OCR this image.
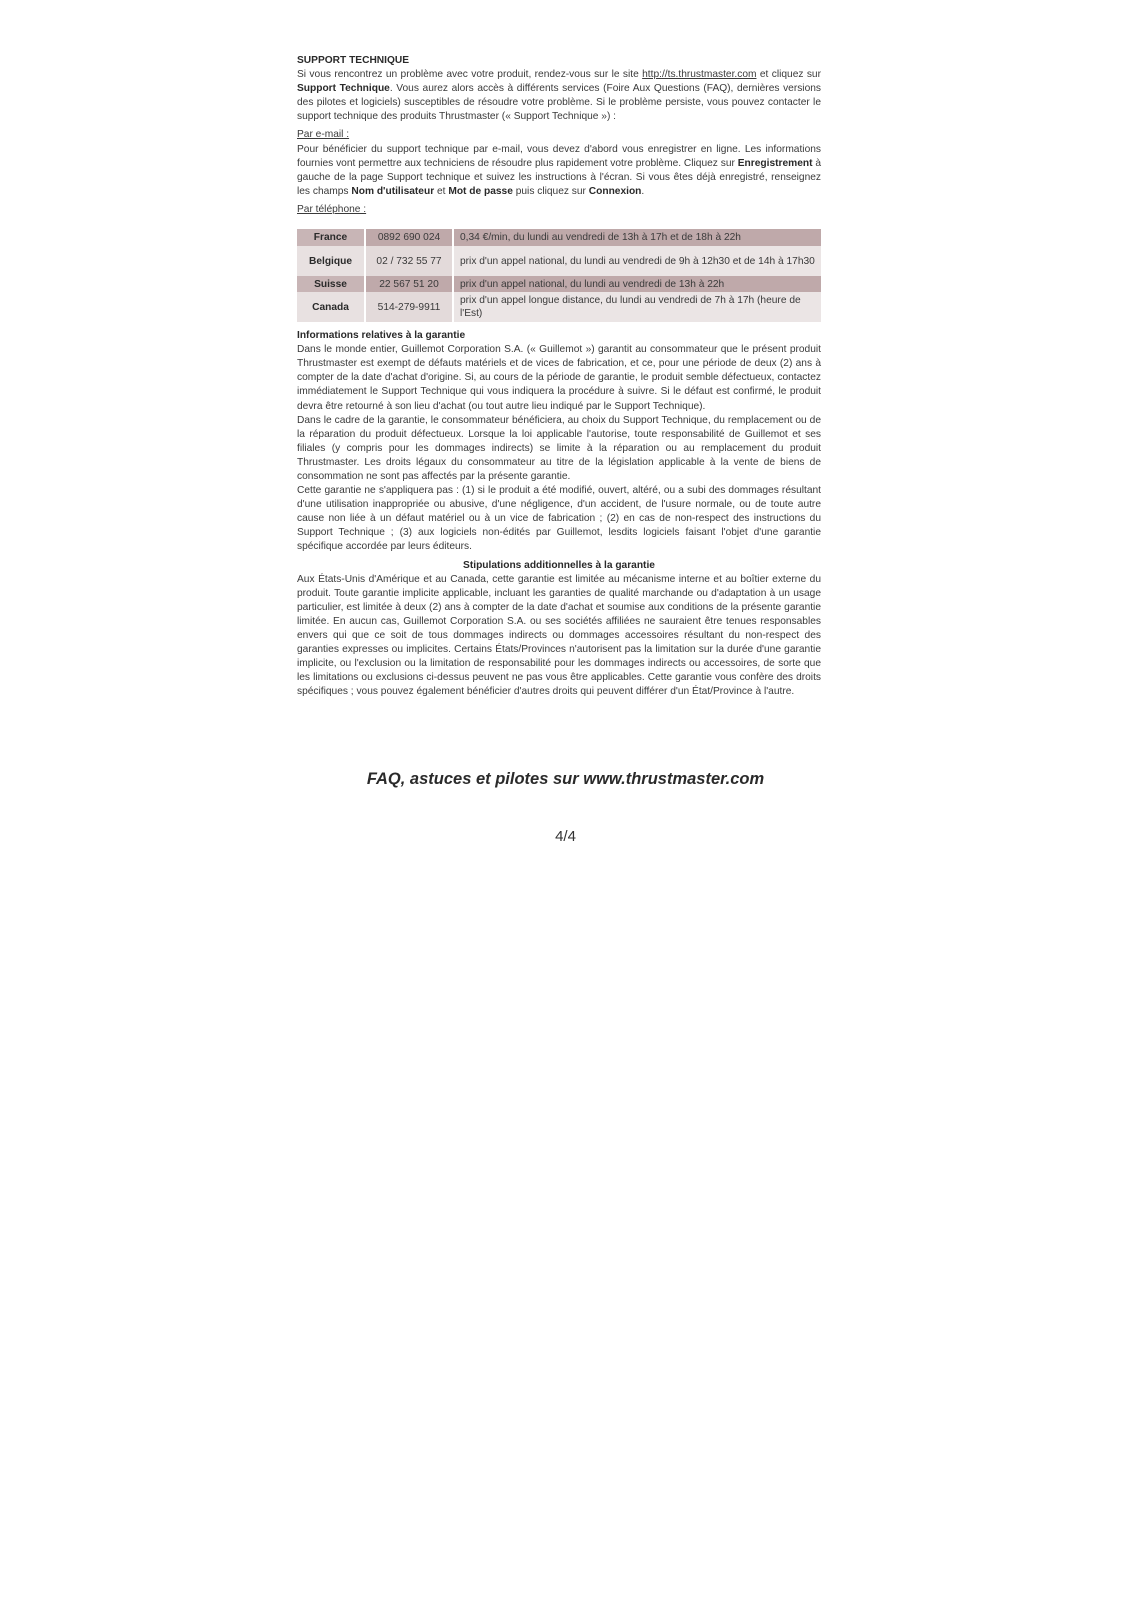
SUPPORT TECHNIQUE

Si vous rencontrez un problème avec votre produit, rendez-vous sur le site http://ts.thrustmaster.com et cliquez sur Support Technique. Vous aurez alors accès à différents services (Foire Aux Questions (FAQ), dernières versions des pilotes et logiciels) susceptibles de résoudre votre problème. Si le problème persiste, vous pouvez contacter le support technique des produits Thrustmaster (« Support Technique ») :

Par e-mail :

Pour bénéficier du support technique par e-mail, vous devez d'abord vous enregistrer en ligne. Les informations fournies vont permettre aux techniciens de résoudre plus rapidement votre problème. Cliquez sur Enregistrement à gauche de la page Support technique et suivez les instructions à l'écran. Si vous êtes déjà enregistré, renseignez les champs Nom d'utilisateur et Mot de passe puis cliquez sur Connexion.

Par téléphone :
France	0892 690 024	0,34 €/min, du lundi au vendredi de 13h à 17h et de 18h à 22h
Belgique	02 / 732 55 77	prix d'un appel national, du lundi au vendredi de 9h à 12h30 et de 14h à 17h30
Suisse	22 567 51 20	prix d'un appel national, du lundi au vendredi de 13h à 22h
Canada	514-279-9911	prix d'un appel longue distance, du lundi au vendredi de 7h à 17h (heure de l'Est)
Informations relatives à la garantie

Dans le monde entier, Guillemot Corporation S.A. (« Guillemot ») garantit au consommateur que le présent produit Thrustmaster est exempt de défauts matériels et de vices de fabrication, et ce, pour une période de deux (2) ans à compter de la date d'achat d'origine. Si, au cours de la période de garantie, le produit semble défectueux, contactez immédiatement le Support Technique qui vous indiquera la procédure à suivre. Si le défaut est confirmé, le produit devra être retourné à son lieu d'achat (ou tout autre lieu indiqué par le Support Technique).

Dans le cadre de la garantie, le consommateur bénéficiera, au choix du Support Technique, du remplacement ou de la réparation du produit défectueux. Lorsque la loi applicable l'autorise, toute responsabilité de Guillemot et ses filiales (y compris pour les dommages indirects) se limite à la réparation ou au remplacement du produit Thrustmaster. Les droits légaux du consommateur au titre de la législation applicable à la vente de biens de consommation ne sont pas affectés par la présente garantie.

Cette garantie ne s'appliquera pas : (1) si le produit a été modifié, ouvert, altéré, ou a subi des dommages résultant d'une utilisation inappropriée ou abusive, d'une négligence, d'un accident, de l'usure normale, ou de toute autre cause non liée à un défaut matériel ou à un vice de fabrication ; (2) en cas de non-respect des instructions du Support Technique ; (3) aux logiciels non-édités par Guillemot, lesdits logiciels faisant l'objet d'une garantie spécifique accordée par leurs éditeurs.

Stipulations additionnelles à la garantie

Aux États-Unis d'Amérique et au Canada, cette garantie est limitée au mécanisme interne et au boîtier externe du produit. Toute garantie implicite applicable, incluant les garanties de qualité marchande ou d'adaptation à un usage particulier, est limitée à deux (2) ans à compter de la date d'achat et soumise aux conditions de la présente garantie limitée. En aucun cas, Guillemot Corporation S.A. ou ses sociétés affiliées ne sauraient être tenues responsables envers qui que ce soit de tous dommages indirects ou dommages accessoires résultant du non-respect des garanties expresses ou implicites. Certains États/Provinces n'autorisent pas la limitation sur la durée d'une garantie implicite, ou l'exclusion ou la limitation de responsabilité pour les dommages indirects ou accessoires, de sorte que les limitations ou exclusions ci-dessus peuvent ne pas vous être applicables. Cette garantie vous confère des droits spécifiques ; vous pouvez également bénéficier d'autres droits qui peuvent différer d'un État/Province à l'autre.

FAQ, astuces et pilotes sur www.thrustmaster.com
4/4
